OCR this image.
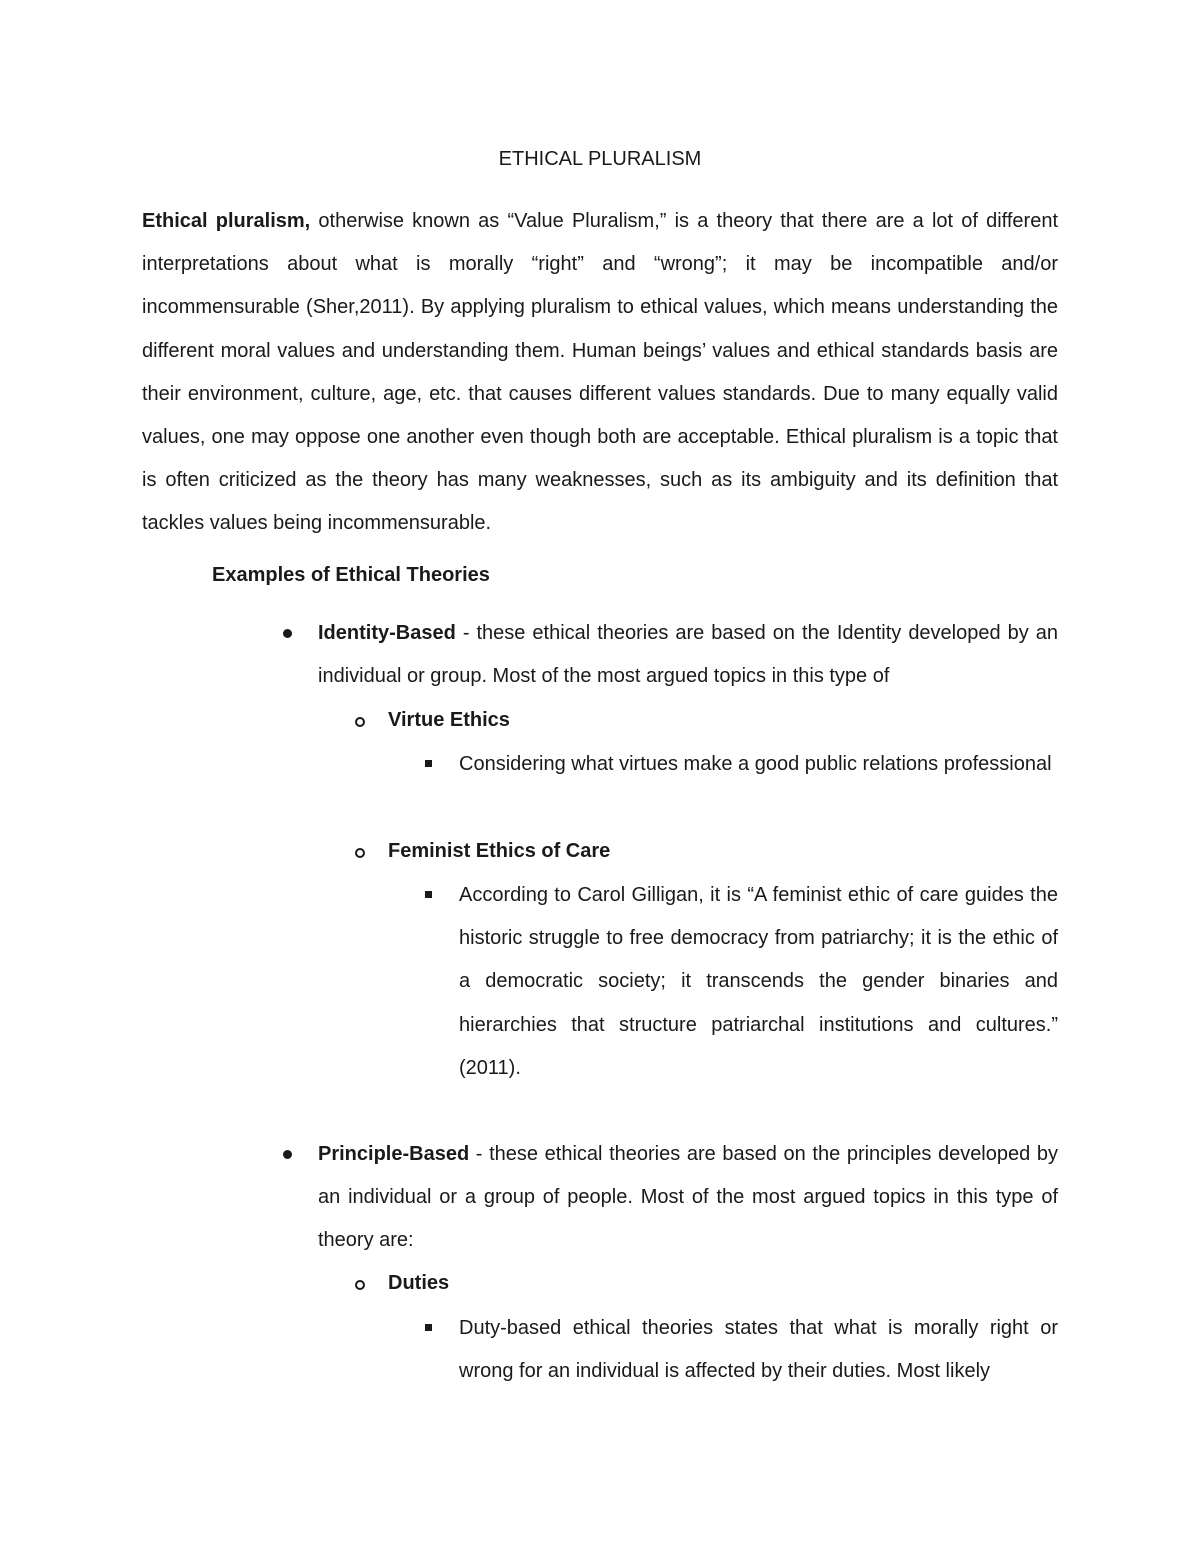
ETHICAL PLURALISM

Ethical pluralism, otherwise known as “Value Pluralism,” is a theory that there are a lot of different interpretations about what is morally “right” and “wrong”; it may be incompatible and/or incommensurable (Sher,2011). By applying pluralism to ethical values, which means understanding the different moral values and understanding them. Human beings’ values and ethical standards basis are their environment, culture, age, etc. that causes different values standards. Due to many equally valid values, one may oppose one another even though both are acceptable. Ethical pluralism is a topic that is often criticized as the theory has many weaknesses, such as its ambiguity and its definition that tackles values being incommensurable.

Examples of Ethical Theories

Identity-Based - these ethical theories are based on the Identity developed by an individual or group. Most of the most argued topics in this type of

Virtue Ethics

Considering what virtues make a good public relations professional

Feminist Ethics of Care

According to Carol Gilligan, it is “A feminist ethic of care guides the historic struggle to free democracy from patriarchy; it is the ethic of a democratic society; it transcends the gender binaries and hierarchies that structure patriarchal institutions and cultures.” (2011).

Principle-Based - these ethical theories are based on the principles developed by an individual or a group of people. Most of the most argued topics in this type of theory are:

Duties

Duty-based ethical theories states that what is morally right or wrong for an individual is affected by their duties. Most likely
